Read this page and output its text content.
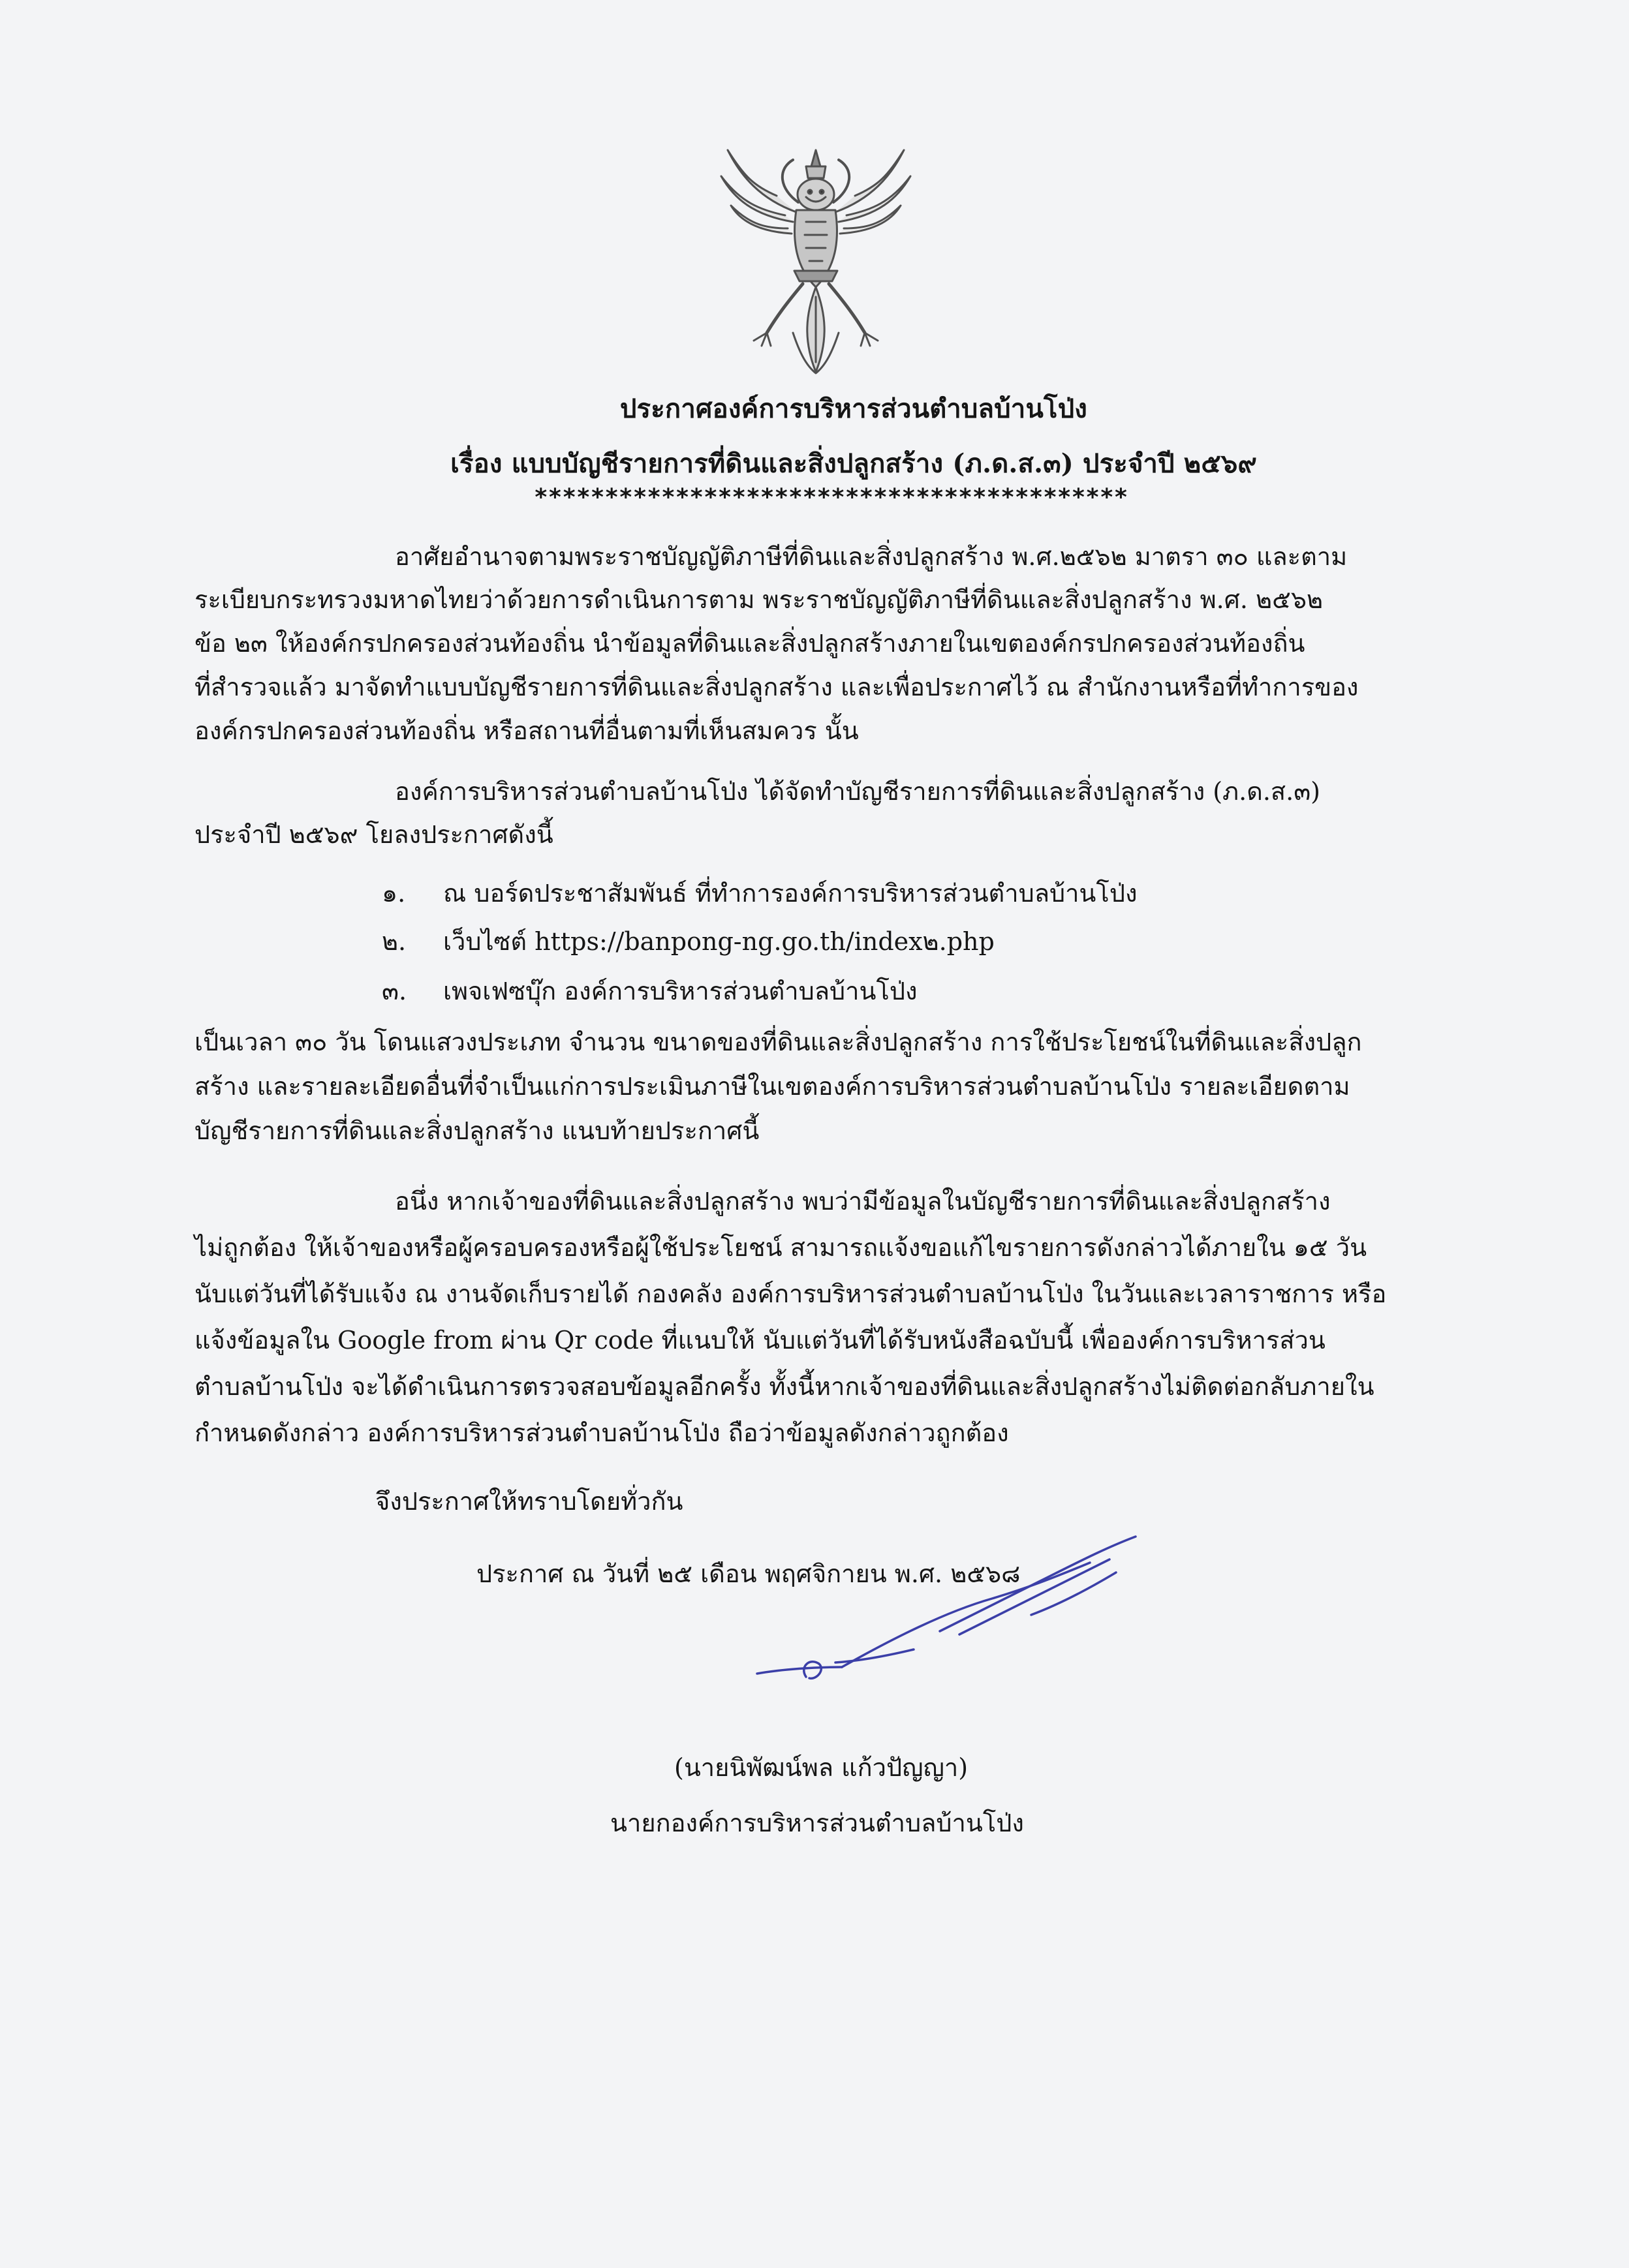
ประกาศองค์การบริหารส่วนตำบลบ้านโป่ง
เรื่อง แบบบัญชีรายการที่ดินและสิ่งปลูกสร้าง (ภ.ด.ส.๓) ประจำปี ๒๕๖๙
******************************************
อาศัยอำนาจตามพระราชบัญญัติภาษีที่ดินและสิ่งปลูกสร้าง พ.ศ.๒๕๖๒ มาตรา ๓๐ และตาม
ระเบียบกระทรวงมหาดไทยว่าด้วยการดำเนินการตาม พระราชบัญญัติภาษีที่ดินและสิ่งปลูกสร้าง พ.ศ. ๒๕๖๒
ข้อ ๒๓ ให้องค์กรปกครองส่วนท้องถิ่น นำข้อมูลที่ดินและสิ่งปลูกสร้างภายในเขตองค์กรปกครองส่วนท้องถิ่น
ที่สำรวจแล้ว มาจัดทำแบบบัญชีรายการที่ดินและสิ่งปลูกสร้าง และเพื่อประกาศไว้ ณ สำนักงานหรือที่ทำการของ
องค์กรปกครองส่วนท้องถิ่น หรือสถานที่อื่นตามที่เห็นสมควร นั้น
องค์การบริหารส่วนตำบลบ้านโป่ง ได้จัดทำบัญชีรายการที่ดินและสิ่งปลูกสร้าง (ภ.ด.ส.๓)
ประจำปี ๒๕๖๙ โยลงประกาศดังนี้
๑. ณ บอร์ดประชาสัมพันธ์ ที่ทำการองค์การบริหารส่วนตำบลบ้านโป่ง
๒. เว็บไซต์ https://banpong-ng.go.th/index๒.php
๓. เพจเฟซบุ๊ก องค์การบริหารส่วนตำบลบ้านโป่ง
เป็นเวลา ๓๐ วัน โดนแสวงประเภท จำนวน ขนาดของที่ดินและสิ่งปลูกสร้าง การใช้ประโยชน์ในที่ดินและสิ่งปลูก
สร้าง และรายละเอียดอื่นที่จำเป็นแก่การประเมินภาษีในเขตองค์การบริหารส่วนตำบลบ้านโป่ง รายละเอียดตาม
บัญชีรายการที่ดินและสิ่งปลูกสร้าง แนบท้ายประกาศนี้
อนึ่ง หากเจ้าของที่ดินและสิ่งปลูกสร้าง พบว่ามีข้อมูลในบัญชีรายการที่ดินและสิ่งปลูกสร้าง
ไม่ถูกต้อง ให้เจ้าของหรือผู้ครอบครองหรือผู้ใช้ประโยชน์ สามารถแจ้งขอแก้ไขรายการดังกล่าวได้ภายใน ๑๕ วัน
นับแต่วันที่ได้รับแจ้ง ณ งานจัดเก็บรายได้ กองคลัง องค์การบริหารส่วนตำบลบ้านโป่ง ในวันและเวลาราชการ หรือ
แจ้งข้อมูลใน Google from ผ่าน Qr code ที่แนบให้ นับแต่วันที่ได้รับหนังสือฉบับนี้ เพื่อองค์การบริหารส่วน
ตำบลบ้านโป่ง จะได้ดำเนินการตรวจสอบข้อมูลอีกครั้ง ทั้งนี้หากเจ้าของที่ดินและสิ่งปลูกสร้างไม่ติดต่อกลับภายใน
กำหนดดังกล่าว องค์การบริหารส่วนตำบลบ้านโป่ง ถือว่าข้อมูลดังกล่าวถูกต้อง
จึงประกาศให้ทราบโดยทั่วกัน
ประกาศ ณ วันที่ ๒๕ เดือน พฤศจิกายน พ.ศ. ๒๕๖๘
(นายนิพัฒน์พล แก้วปัญญา)
นายกองค์การบริหารส่วนตำบลบ้านโป่ง
